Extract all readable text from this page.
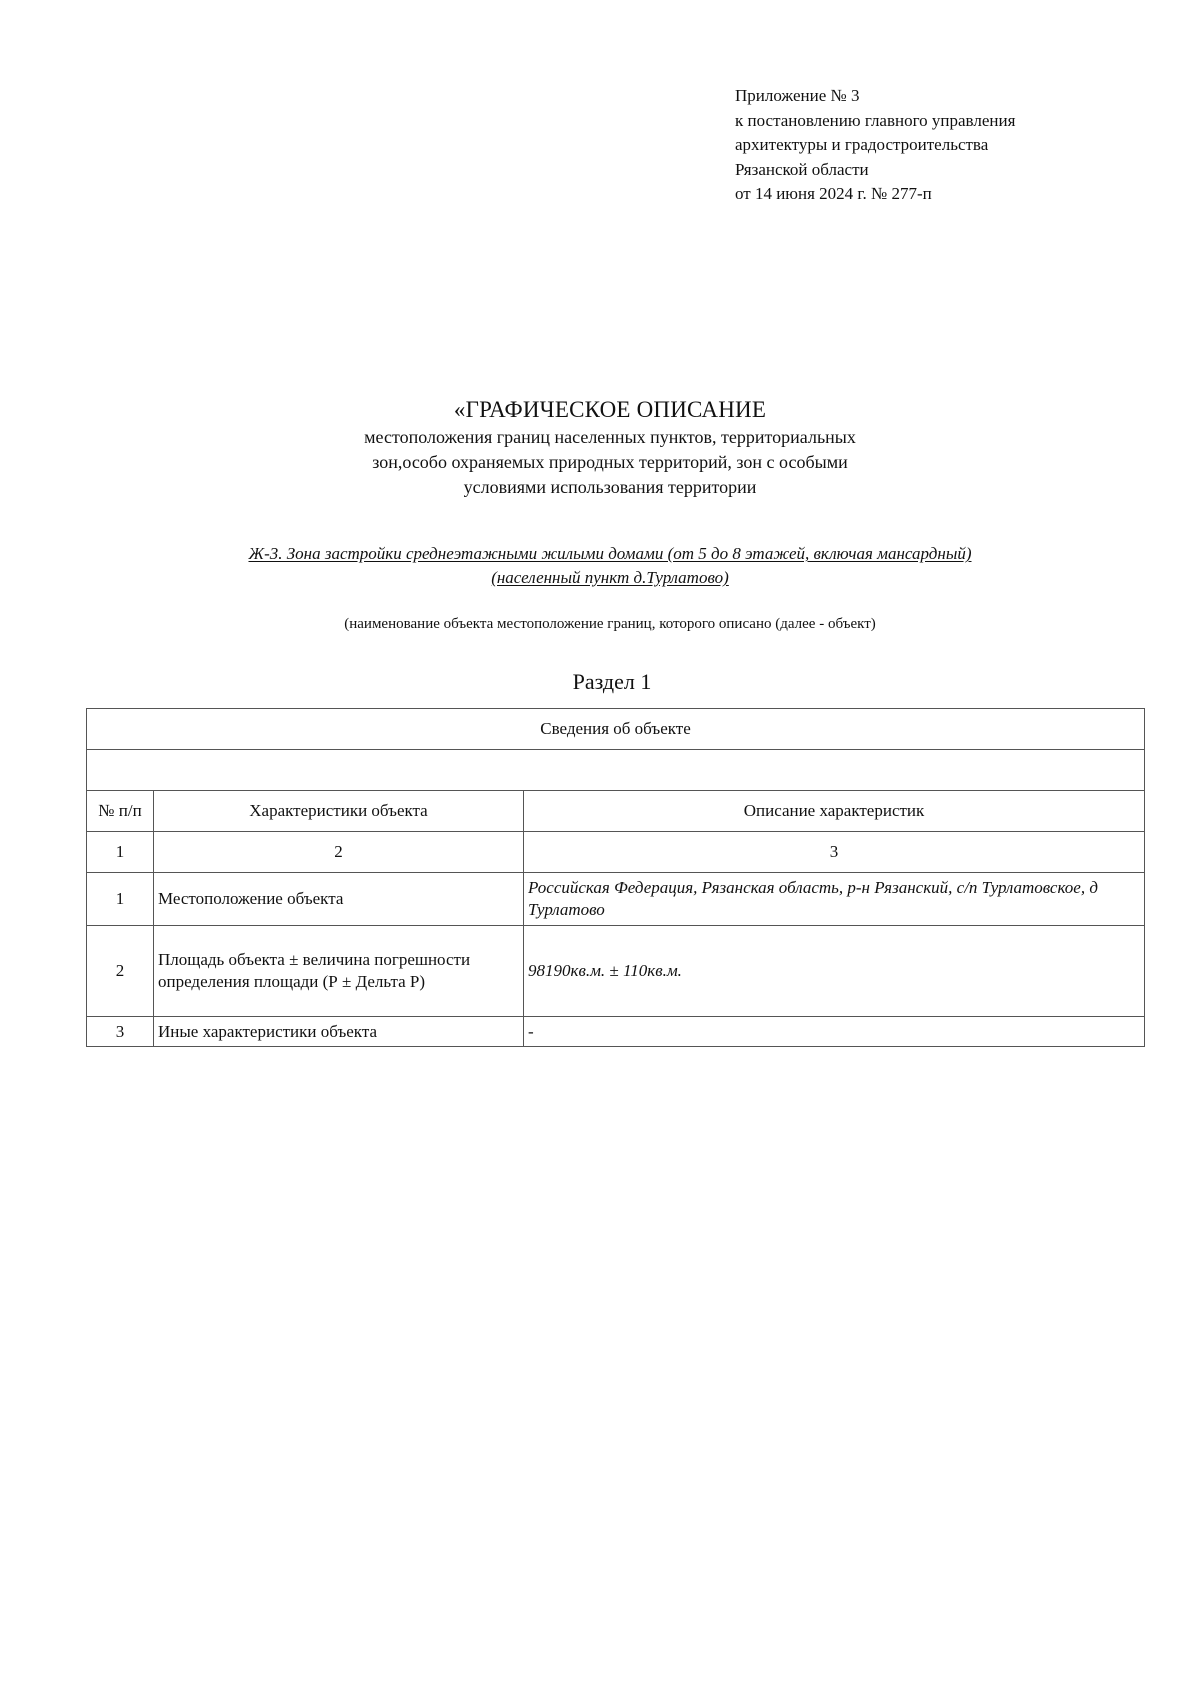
Приложение № 3
к постановлению главного управления
архитектуры и градостроительства
Рязанской области
от 14 июня 2024 г. № 277-п
«ГРАФИЧЕСКОЕ ОПИСАНИЕ
местоположения границ населенных пунктов, территориальных
зон,особо охраняемых природных территорий, зон с особыми
условиями использования территории
Ж-3. Зона застройки среднеэтажными жилыми домами (от 5 до 8 этажей, включая мансардный)
(населенный пункт д.Турлатово)
(наименование объекта местоположение границ, которого описано (далее - объект)
Раздел 1
Сведения об объекте		

№ п/п	Характеристики объекта	Описание характеристик
1	2	3
1	Местоположение объекта	Российская Федерация, Рязанская область, р-н Рязанский, с/п Турлатовское, д Турлатово
2	Площадь объекта ± величина погрешности определения площади (Р ± Дельта Р)	98190кв.м. ± 110кв.м.
3	Иные характеристики объекта	-
